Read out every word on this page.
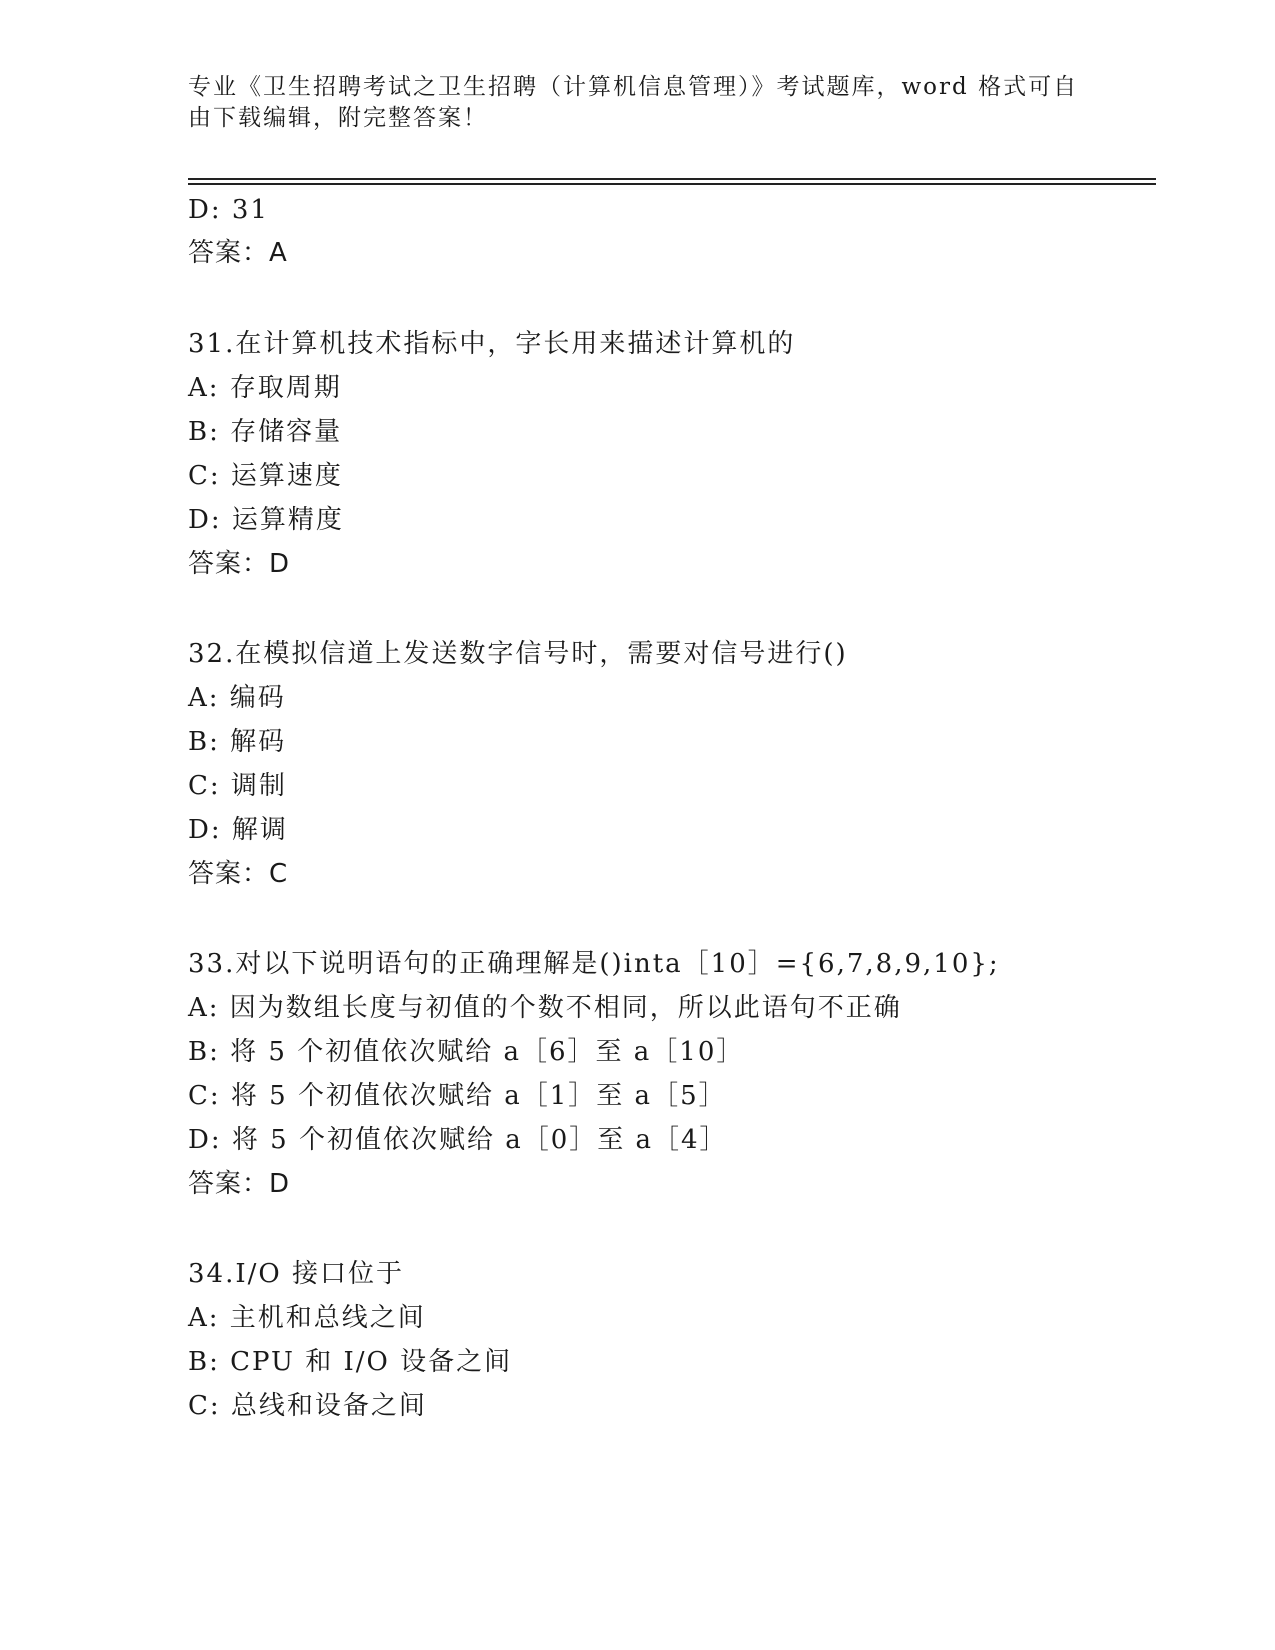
专业《卫生招聘考试之卫生招聘（计算机信息管理）》考试题库，word 格式可自
由下载编辑，附完整答案！
D: 31
答案：A
31.在计算机技术指标中，字长用来描述计算机的
A: 存取周期
B: 存储容量
C: 运算速度
D: 运算精度
答案：D
32.在模拟信道上发送数字信号时，需要对信号进行()
A: 编码
B: 解码
C: 调制
D: 解调
答案：C
33.对以下说明语句的正确理解是()inta［10］={6,7,8,9,10};
A: 因为数组长度与初值的个数不相同，所以此语句不正确
B: 将 5 个初值依次赋给 a［6］至 a［10］
C: 将 5 个初值依次赋给 a［1］至 a［5］
D: 将 5 个初值依次赋给 a［0］至 a［4］
答案：D
34.I/O 接口位于
A: 主机和总线之间
B: CPU 和 I/O 设备之间
C: 总线和设备之间
